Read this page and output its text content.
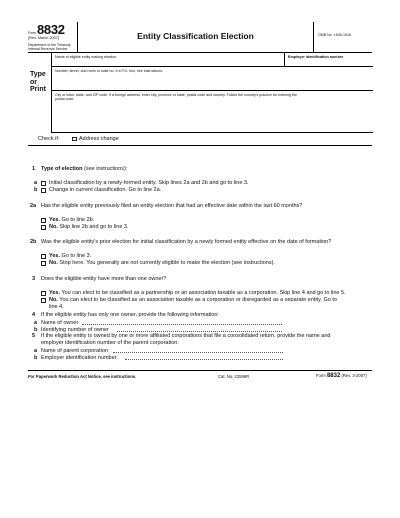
Form 8832
(Rev. March 2007)
Department of the Treasury
Internal Revenue Service
Entity Classification Election	OMB No. 1545-1516
Type
or
Print
Name of eligible entity making election	Employer identification number
Number, street, and room or suite no. If a P.O. box, see instructions.
City or town, state, and ZIP code. If a foreign address, enter city, province or state, postal code and country. Follow the country's practice for entering the
postal code.
Check if:	Address change
1 Type of election (see instructions):
a Initial classification by a newly-formed entity. Skip lines 2a and 2b and go to line 3.
b Change in current classification. Go to line 2a.
2a Has the eligible entity previously filed an entity election that had an effective date within the last 60 months?
Yes. Go to line 2b.
No. Skip line 2b and go to line 3.
2b Was the eligible entity's prior election for initial classification by a newly formed entity effective on the date of formation?
Yes. Go to line 3.
No. Stop here. You generally are not currently eligible to make the election (see instructions).
3 Does the eligible entity have more than one owner?
Yes. You can elect to be classified as a partnership or an association taxable as a corporation. Skip line 4 and go to line 5.
No. You can elect to be classified as an association taxable as a corporation or disregarded as a separate entity. Go to
line 4.
4 If the eligible entity has only one owner, provide the following information:
a Name of owner
b Identifying number of owner
5 If the eligible entity is owned by one or more affiliated corporations that file a consolidated return, provide the name and
employer identification number of the parent corporation:
a Name of parent corporation
b Employer identification number
For Paperwork Reduction Act Notice, see instructions.	Cat. No. 22598R	Form 8832 (Rev. 3-2007)
